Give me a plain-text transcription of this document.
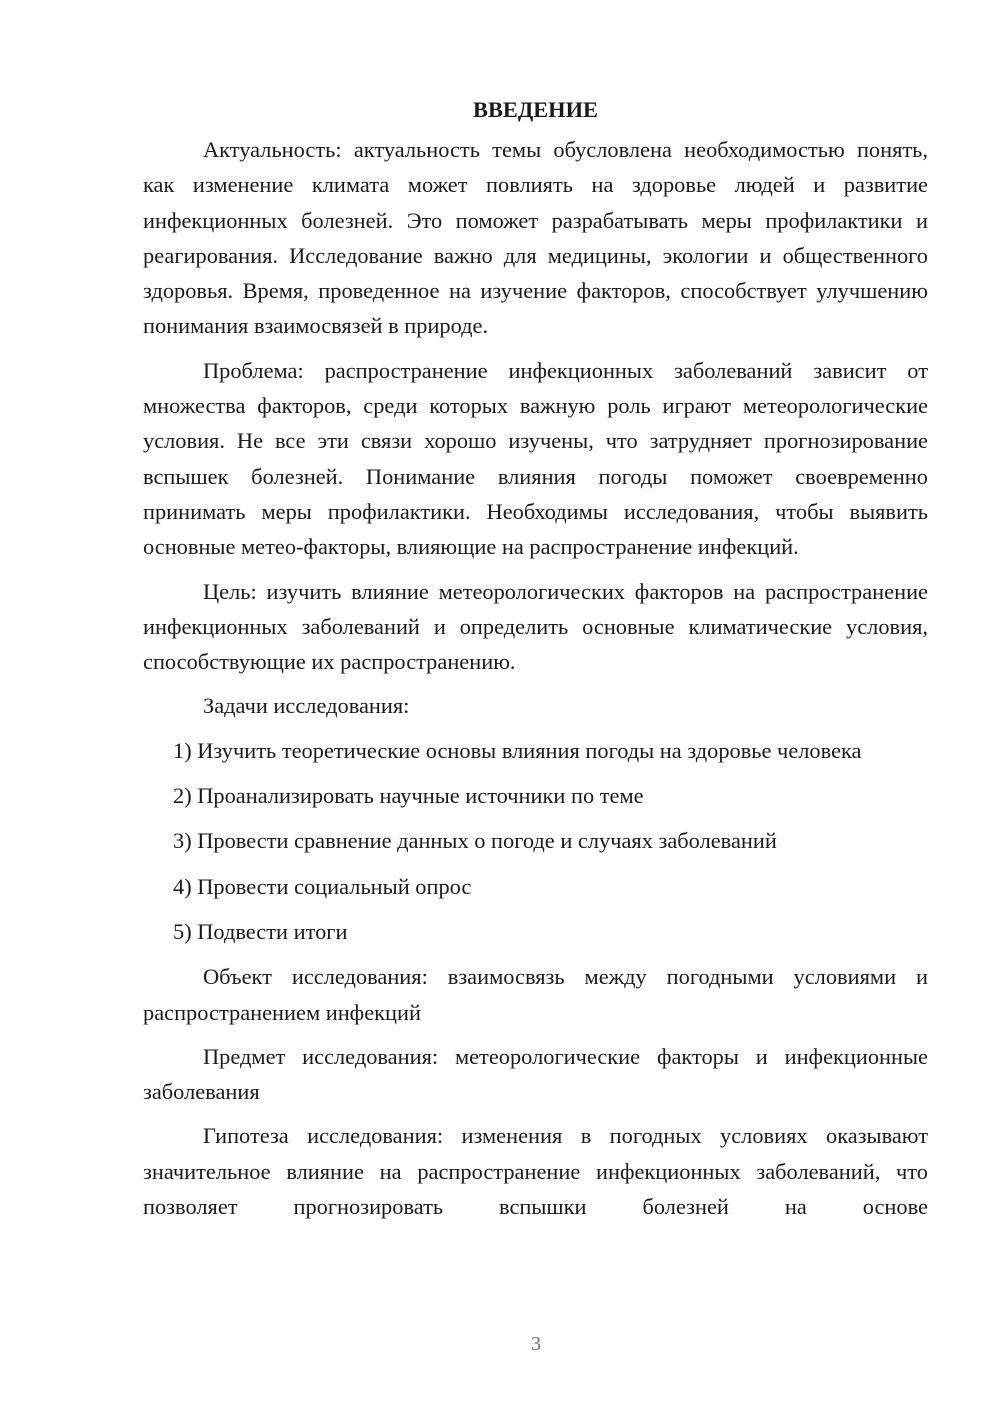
ВВЕДЕНИЕ

Актуальность: актуальность темы обусловлена необходимостью понять, как изменение климата может повлиять на здоровье людей и развитие инфекционных болезней. Это поможет разрабатывать меры профилактики и реагирования. Исследование важно для медицины, экологии и общественного здоровья. Время, проведенное на изучение факторов, способствует улучшению понимания взаимосвязей в природе.

Проблема: распространение инфекционных заболеваний зависит от множества факторов, среди которых важную роль играют метеорологические условия. Не все эти связи хорошо изучены, что затрудняет прогнозирование вспышек болезней. Понимание влияния погоды поможет своевременно принимать меры профилактики. Необходимы исследования, чтобы выявить основные метео-факторы, влияющие на распространение инфекций.

Цель: изучить влияние метеорологических факторов на распространение инфекционных заболеваний и определить основные климатические условия, способствующие их распространению.

Задачи исследования:

1) Изучить теоретические основы влияния погоды на здоровье человека

2) Проанализировать научные источники по теме

3) Провести сравнение данных о погоде и случаях заболеваний

4) Провести социальный опрос

5) Подвести итоги

Объект исследования: взаимосвязь между погодными условиями и распространением инфекций

Предмет исследования: метеорологические факторы и инфекционные заболевания

Гипотеза исследования: изменения в погодных условиях оказывают значительное влияние на распространение инфекционных заболеваний, что позволяет прогнозировать вспышки болезней на основе

3
